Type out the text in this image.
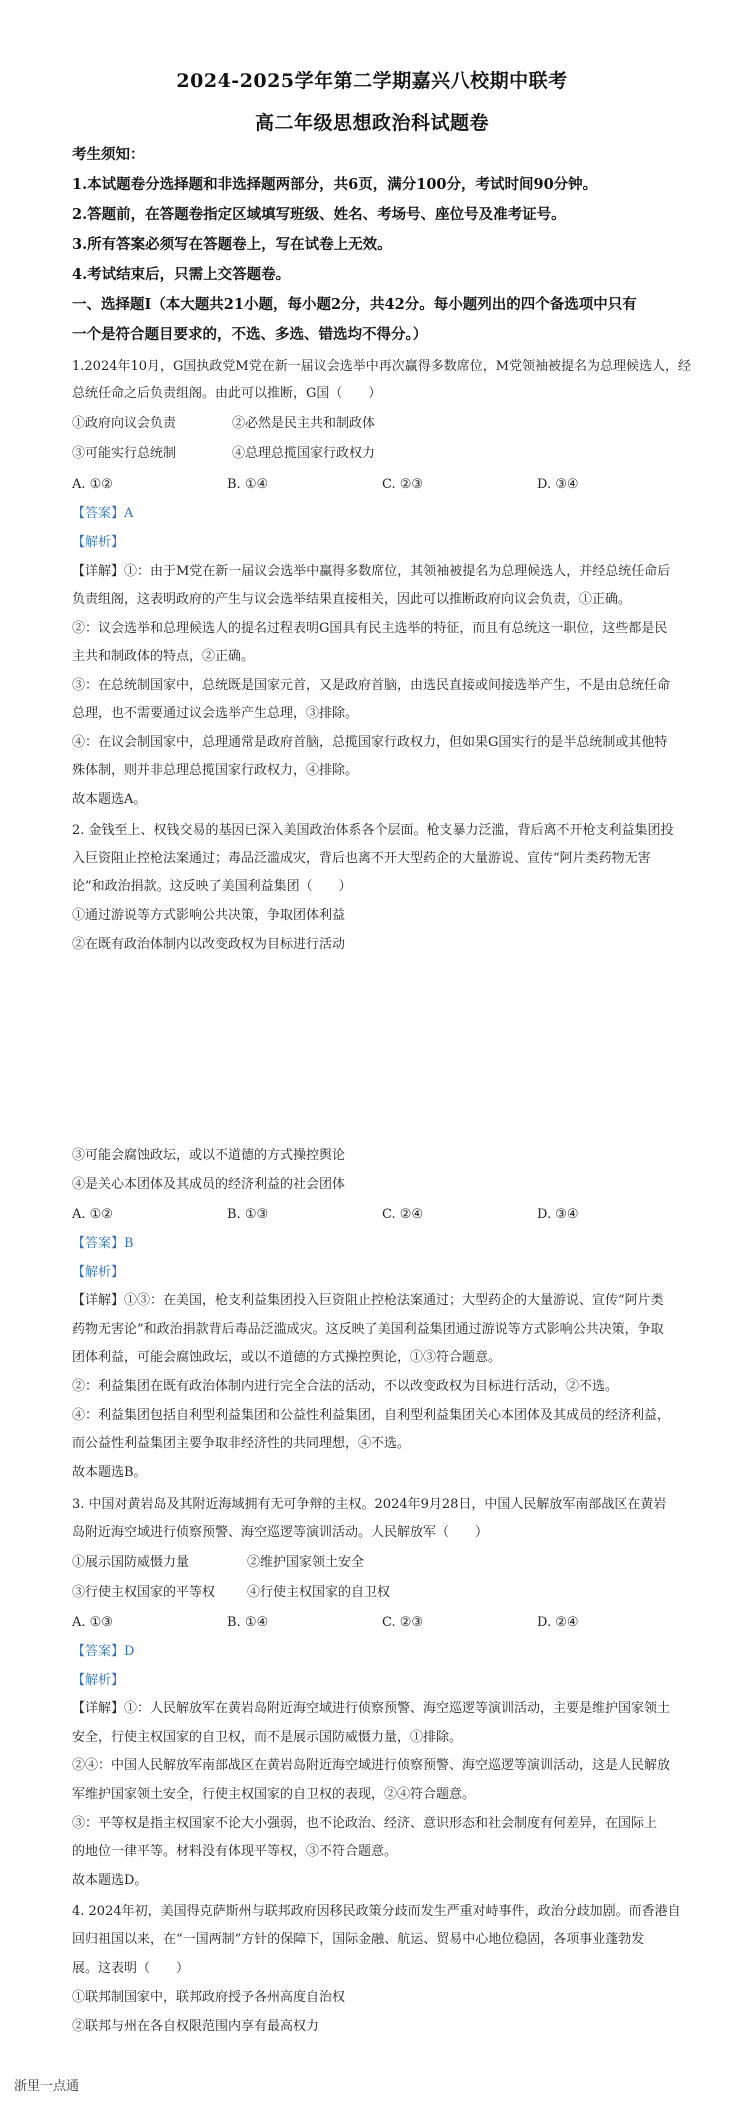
2024-2025学年第二学期嘉兴八校期中联考
高二年级思想政治科试题卷
考生须知：
1.本试题卷分选择题和非选择题两部分，共6页，满分100分，考试时间90分钟。
2.答题前，在答题卷指定区域填写班级、姓名、考场号、座位号及准考证号。
3.所有答案必须写在答题卷上，写在试卷上无效。
4.考试结束后，只需上交答题卷。
一、选择题Ⅰ（本大题共21小题，每小题2分，共42分。每小题列出的四个备选项中只有
一个是符合题目要求的，不选、多选、错选均不得分。）
1.2024年10月，G国执政党M党在新一届议会选举中再次赢得多数席位，M党领袖被提名为总理候选人，经
总统任命之后负责组阁。由此可以推断，G国（　　）
①政府向议会负责	②必然是民主共和制政体
③可能实行总统制	④总理总揽国家行政权力
A. ①②	B. ①④	C. ②③	D. ③④
【答案】A
【解析】
【详解】①：由于M党在新一届议会选举中赢得多数席位，其领袖被提名为总理候选人，并经总统任命后
负责组阁，这表明政府的产生与议会选举结果直接相关，因此可以推断政府向议会负责，①正确。
②：议会选举和总理候选人的提名过程表明G国具有民主选举的特征，而且有总统这一职位，这些都是民
主共和制政体的特点，②正确。
③：在总统制国家中，总统既是国家元首，又是政府首脑，由选民直接或间接选举产生，不是由总统任命
总理，也不需要通过议会选举产生总理，③排除。
④：在议会制国家中，总理通常是政府首脑，总揽国家行政权力，但如果G国实行的是半总统制或其他特
殊体制，则并非总理总揽国家行政权力，④排除。
故本题选A。
2. 金钱至上、权钱交易的基因已深入美国政治体系各个层面。枪支暴力泛滥，背后离不开枪支利益集团投
入巨资阻止控枪法案通过；毒品泛滥成灾，背后也离不开大型药企的大量游说、宣传“阿片类药物无害
论”和政治捐款。这反映了美国利益集团（　　）
①通过游说等方式影响公共决策，争取团体利益
②在既有政治体制内以改变政权为目标进行活动
③可能会腐蚀政坛，或以不道德的方式操控舆论
④是关心本团体及其成员的经济利益的社会团体
A. ①②	B. ①③	C. ②④	D. ③④
【答案】B
【解析】
【详解】①③：在美国，枪支利益集团投入巨资阻止控枪法案通过；大型药企的大量游说、宣传“阿片类
药物无害论”和政治捐款背后毒品泛滥成灾。这反映了美国利益集团通过游说等方式影响公共决策，争取
团体利益，可能会腐蚀政坛，或以不道德的方式操控舆论，①③符合题意。
②：利益集团在既有政治体制内进行完全合法的活动，不以改变政权为目标进行活动，②不选。
④：利益集团包括自利型利益集团和公益性利益集团，自利型利益集团关心本团体及其成员的经济利益，
而公益性利益集团主要争取非经济性的共同理想，④不选。
故本题选B。
3. 中国对黄岩岛及其附近海域拥有无可争辩的主权。2024年9月28日，中国人民解放军南部战区在黄岩
岛附近海空域进行侦察预警、海空巡逻等演训活动。人民解放军（　　）
①展示国防威慑力量	②维护国家领土安全
③行使主权国家的平等权 ④行使主权国家的自卫权
A. ①③	B. ①④	C. ②③	D. ②④
【答案】D
【解析】
【详解】①：人民解放军在黄岩岛附近海空域进行侦察预警、海空巡逻等演训活动，主要是维护国家领土
安全，行使主权国家的自卫权，而不是展示国防威慑力量，①排除。
②④：中国人民解放军南部战区在黄岩岛附近海空域进行侦察预警、海空巡逻等演训活动，这是人民解放
军维护国家领土安全，行使主权国家的自卫权的表现，②④符合题意。
③：平等权是指主权国家不论大小强弱，也不论政治、经济、意识形态和社会制度有何差异，在国际上
的地位一律平等。材料没有体现平等权，③不符合题意。
故本题选D。
4. 2024年初，美国得克萨斯州与联邦政府因移民政策分歧而发生严重对峙事件，政治分歧加剧。而香港自
回归祖国以来，在“一国两制”方针的保障下，国际金融、航运、贸易中心地位稳固，各项事业蓬勃发
展。这表明（　　）
①联邦制国家中，联邦政府授予各州高度自治权
②联邦与州在各自权限范围内享有最高权力
浙里一点通
